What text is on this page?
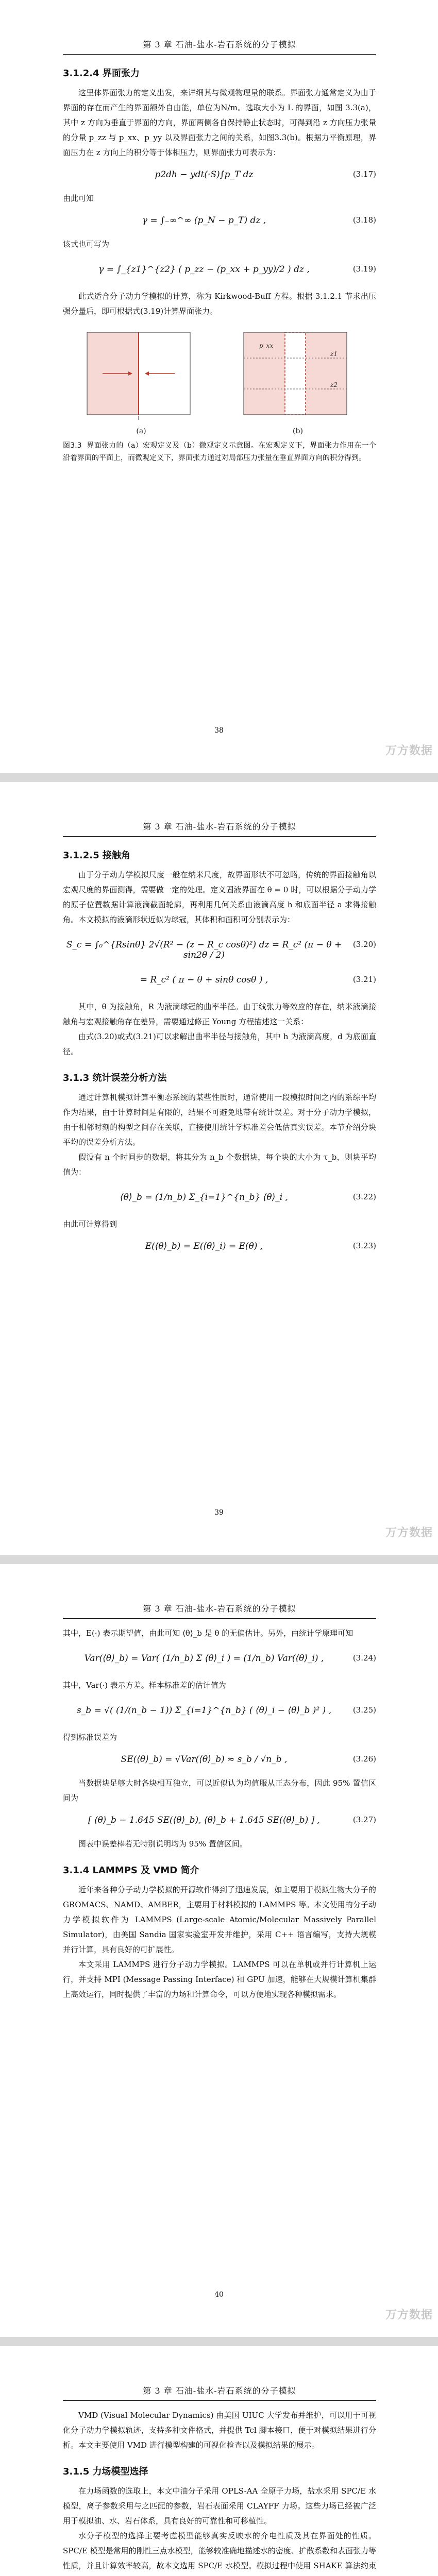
第 3 章 石油-盐水-岩石系统的分子模拟
3.1.2.4 界面张力

这里体界面张力的定义出发，来详细其与微观物理量的联系。界面张力通常定义为由于界面的存在而产生的界面额外自由能，单位为N/m。选取大小为 L 的界面，如图 3.3(a)，其中 z 方向为垂直于界面的方向，界面两侧各自保持静止状态时，可得到沿 z 方向压力张量的分量 p_zz 与 p_xx、p_yy 以及界面张力之间的关系，如图3.3(b)。根据力平衡原理，界面压力在 z 方向上的积分等于体相压力，则界面张力可表示为：

p2dh − ydt(·S)∫p_T dz	(3.17)

由此可知

γ = ∫₋∞^∞ (p_N − p_T) dz ,	(3.18)

该式也可写为

γ = ∫_{z1}^{z2} ( p_zz − (p_xx + p_yy)/2 ) dz ,	(3.19)

此式适合分子动力学模拟的计算，称为 Kirkwood-Buff 方程。根据 3.1.2.1 节求出压强分量后，即可根据式(3.19)计算界面张力。

(a)
p_xx
z1
z2
(b)

图3.3 界面张力的（a）宏观定义及（b）微观定义示意图。在宏观定义下，界面张力作用在一个沿着界面的平面上，而微观定义下，界面张力通过对局部压力张量在垂直界面方向的积分得到。

38
万方数据
第 3 章 石油-盐水-岩石系统的分子模拟
3.1.2.5 接触角

由于分子动力学模拟尺度一般在纳米尺度，故界面形状不可忽略，传统的界面接触角以宏观尺度的界面测得，需要做一定的处理。定义固液界面在 θ = 0 时，可以根据分子动力学的原子位置数据计算液滴截面轮廓，再利用几何关系由液滴高度 h 和底面半径 a 求得接触角。本文模拟的液滴形状近似为球冠，其体积和面积可分别表示为：

S_c = ∫₀^{Rsinθ} 2√(R² − (z − R_c cosθ)²) dz = R_c² (π − θ + sin2θ / 2)
(3.20)
= R_c² ( π − θ + sinθ cosθ ) ,	(3.21)

其中，θ 为接触角，R 为液滴球冠的曲率半径。由于线张力等效应的存在，纳米液滴接触角与宏观接触角存在差异，需要通过修正 Young 方程描述这一关系：

由式(3.20)或式(3.21)可以求解出曲率半径与接触角，其中 h 为液滴高度，d 为底面直径。

3.1.3 统计误差分析方法

通过计算机模拟计算平衡态系统的某些性质时，通常使用一段模拟时间之内的系综平均作为结果，由于计算时间是有限的，结果不可避免地带有统计误差。对于分子动力学模拟，由于相邻时刻的构型之间存在关联，直接使用统计学标准差会低估真实误差。本节介绍分块平均的误差分析方法。

假设有 n 个时间步的数据，将其分为 n_b 个数据块，每个块的大小为 τ_b，则块平均值为：

⟨θ⟩_b = (1/n_b) Σ_{i=1}^{n_b} ⟨θ⟩_i ,	(3.22)

由此可计算得到

E(⟨θ⟩_b) = E(⟨θ⟩_i) = E(θ) ,	(3.23)
39
万方数据
第 3 章 石油-盐水-岩石系统的分子模拟

其中，E(·) 表示期望值，由此可知 ⟨θ⟩_b 是 θ 的无偏估计。另外，由统计学原理可知

Var(⟨θ⟩_b) = Var( (1/n_b) Σ ⟨θ⟩_i ) = (1/n_b) Var(⟨θ⟩_i) ,	(3.24)

其中，Var(·) 表示方差。样本标准差的估计值为

s_b = √( (1/(n_b − 1)) Σ_{i=1}^{n_b} ( ⟨θ⟩_i − ⟨θ⟩_b )² ) ,	(3.25)

得到标准误差为

SE(⟨θ⟩_b) = √Var(⟨θ⟩_b) ≈ s_b / √n_b ,	(3.26)

当数据块足够大时各块相互独立，可以近似认为均值服从正态分布，因此 95% 置信区间为

[ ⟨θ⟩_b − 1.645 SE(⟨θ⟩_b), ⟨θ⟩_b + 1.645 SE(⟨θ⟩_b) ] ,	(3.27)

图表中误差棒若无特别说明均为 95% 置信区间。

3.1.4 LAMMPS 及 VMD 简介

近年来各种分子动力学模拟的开源软件得到了迅速发展，如主要用于模拟生物大分子的 GROMACS、NAMD、AMBER，主要用于材料模拟的 LAMMPS 等。本文使用的分子动力学模拟软件为 LAMMPS (Large-scale Atomic/Molecular Massively Parallel Simulator)，由美国 Sandia 国家实验室开发并维护，采用 C++ 语言编写，支持大规模并行计算，具有良好的可扩展性。

本文采用 LAMMPS 进行分子动力学模拟。LAMMPS 可以在单机或并行计算机上运行，并支持 MPI (Message Passing Interface) 和 GPU 加速，能够在大规模计算机集群上高效运行，同时提供了丰富的力场和计算命令，可以方便地实现各种模拟需求。

40
万方数据
第 3 章 石油-盐水-岩石系统的分子模拟

VMD (Visual Molecular Dynamics) 由美国 UIUC 大学发布并维护，可以用于可视化分子动力学模拟轨迹，支持多种文件格式，并提供 Tcl 脚本接口，便于对模拟结果进行分析。本文主要使用 VMD 进行模型构建的可视化检查以及模拟结果的展示。

3.1.5 力场模型选择

在力场函数的选取上，本文中油分子采用 OPLS-AA 全原子力场，盐水采用 SPC/E 水模型，离子参数采用与之匹配的参数，岩石表面采用 CLAYFF 力场。这些力场已经被广泛用于模拟油、水、岩石体系，具有良好的可靠性和可移植性。

水分子模型的选择主要考虑模型能够真实反映水的介电性质及其在界面处的性质。SPC/E 模型是常用的刚性三点水模型，能够较准确地描述水的密度、扩散系数和表面张力等性质，并且计算效率较高，故本文选用 SPC/E 水模型。模拟过程中使用 SHAKE 算法约束
